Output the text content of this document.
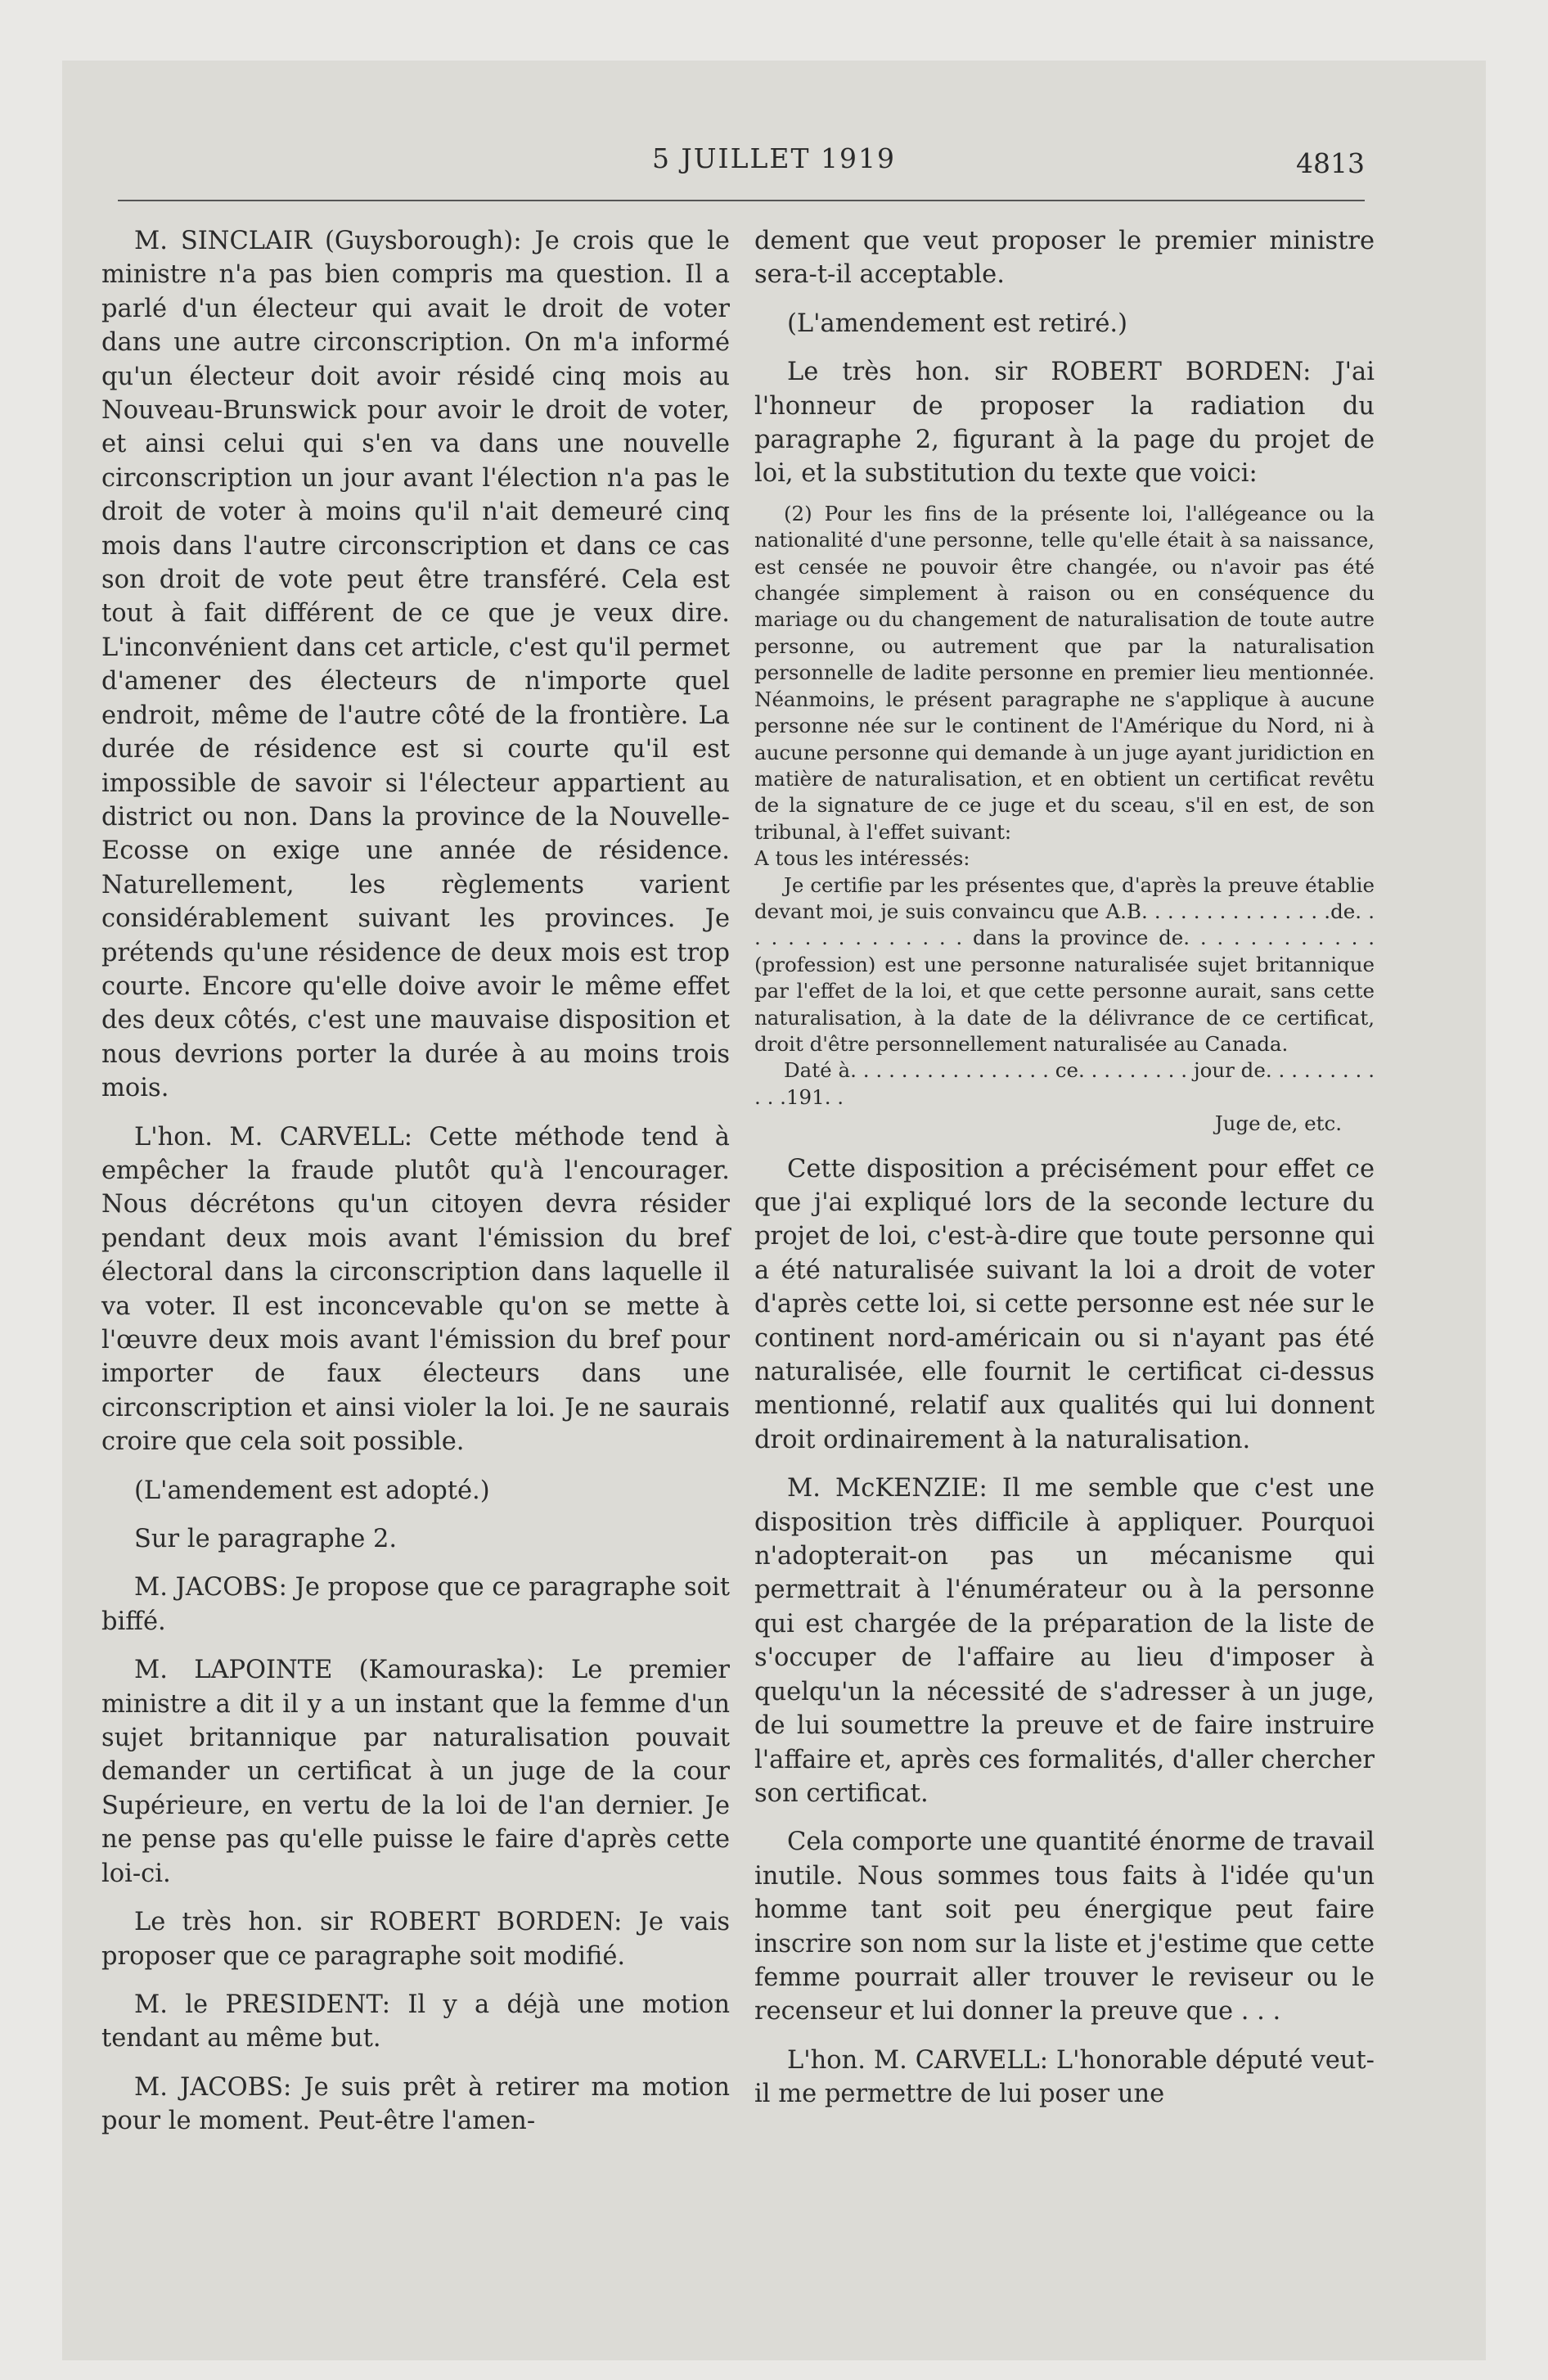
5 JUILLET 1919	4813

M. SINCLAIR (Guysborough): Je crois que le ministre n'a pas bien compris ma question. Il a parlé d'un électeur qui avait le droit de voter dans une autre circonscription. On m'a informé qu'un électeur doit avoir résidé cinq mois au Nouveau-Brunswick pour avoir le droit de voter, et ainsi celui qui s'en va dans une nouvelle circonscription un jour avant l'élection n'a pas le droit de voter à moins qu'il n'ait demeuré cinq mois dans l'autre circonscription et dans ce cas son droit de vote peut être transféré. Cela est tout à fait différent de ce que je veux dire. L'inconvénient dans cet article, c'est qu'il permet d'amener des électeurs de n'importe quel endroit, même de l'autre côté de la frontière. La durée de résidence est si courte qu'il est impossible de savoir si l'électeur appartient au district ou non. Dans la province de la Nouvelle-Ecosse on exige une année de résidence. Naturellement, les règlements varient considérablement suivant les provinces. Je prétends qu'une résidence de deux mois est trop courte. Encore qu'elle doive avoir le même effet des deux côtés, c'est une mauvaise disposition et nous devrions porter la durée à au moins trois mois.

L'hon. M. CARVELL: Cette méthode tend à empêcher la fraude plutôt qu'à l'encourager. Nous décrétons qu'un citoyen devra résider pendant deux mois avant l'émission du bref électoral dans la circonscription dans laquelle il va voter. Il est inconcevable qu'on se mette à l'œuvre deux mois avant l'émission du bref pour importer de faux électeurs dans une circonscription et ainsi violer la loi. Je ne saurais croire que cela soit possible.

(L'amendement est adopté.)

Sur le paragraphe 2.

M. JACOBS: Je propose que ce paragraphe soit biffé.

M. LAPOINTE (Kamouraska): Le premier ministre a dit il y a un instant que la femme d'un sujet britannique par naturalisation pouvait demander un certificat à un juge de la cour Supérieure, en vertu de la loi de l'an dernier. Je ne pense pas qu'elle puisse le faire d'après cette loi-ci.

Le très hon. sir ROBERT BORDEN: Je vais proposer que ce paragraphe soit modifié.

M. le PRESIDENT: Il y a déjà une motion tendant au même but.

M. JACOBS: Je suis prêt à retirer ma motion pour le moment. Peut-être l'amen-

dement que veut proposer le premier ministre sera-t-il acceptable.

(L'amendement est retiré.)

Le très hon. sir ROBERT BORDEN: J'ai l'honneur de proposer la radiation du paragraphe 2, figurant à la page du projet de loi, et la substitution du texte que voici:

(2) Pour les fins de la présente loi, l'allégeance ou la nationalité d'une personne, telle qu'elle était à sa naissance, est censée ne pouvoir être changée, ou n'avoir pas été changée simplement à raison ou en conséquence du mariage ou du changement de naturalisation de toute autre personne, ou autrement que par la naturalisation personnelle de ladite personne en premier lieu mentionnée. Néanmoins, le présent paragraphe ne s'applique à aucune personne née sur le continent de l'Amérique du Nord, ni à aucune personne qui demande à un juge ayant juridiction en matière de naturalisation, et en obtient un certificat revêtu de la signature de ce juge et du sceau, s'il en est, de son tribunal, à l'effet suivant:

A tous les intéressés:

Je certifie par les présentes que, d'après la preuve établie devant moi, je suis convaincu que A.B. . . . . . . . . . . . . . .de. . . . . . . . . . . . . . . dans la province de. . . . . . . . . . . . (profession) est une personne naturalisée sujet britannique par l'effet de la loi, et que cette personne aurait, sans cette naturalisation, à la date de la délivrance de ce certificat, droit d'être personnellement naturalisée au Canada.

Daté à. . . . . . . . . . . . . . . . ce. . . . . . . . . jour de. . . . . . . . . . . .191. .

Juge de, etc.

Cette disposition a précisément pour effet ce que j'ai expliqué lors de la seconde lecture du projet de loi, c'est-à-dire que toute personne qui a été naturalisée suivant la loi a droit de voter d'après cette loi, si cette personne est née sur le continent nord-américain ou si n'ayant pas été naturalisée, elle fournit le certificat ci-dessus mentionné, relatif aux qualités qui lui donnent droit ordinairement à la naturalisation.

M. McKENZIE: Il me semble que c'est une disposition très difficile à appliquer. Pourquoi n'adopterait-on pas un mécanisme qui permettrait à l'énumérateur ou à la personne qui est chargée de la préparation de la liste de s'occuper de l'affaire au lieu d'imposer à quelqu'un la nécessité de s'adresser à un juge, de lui soumettre la preuve et de faire instruire l'affaire et, après ces formalités, d'aller chercher son certificat.

Cela comporte une quantité énorme de travail inutile. Nous sommes tous faits à l'idée qu'un homme tant soit peu énergique peut faire inscrire son nom sur la liste et j'estime que cette femme pourrait aller trouver le reviseur ou le recenseur et lui donner la preuve que . . .

L'hon. M. CARVELL: L'honorable député veut-il me permettre de lui poser une
